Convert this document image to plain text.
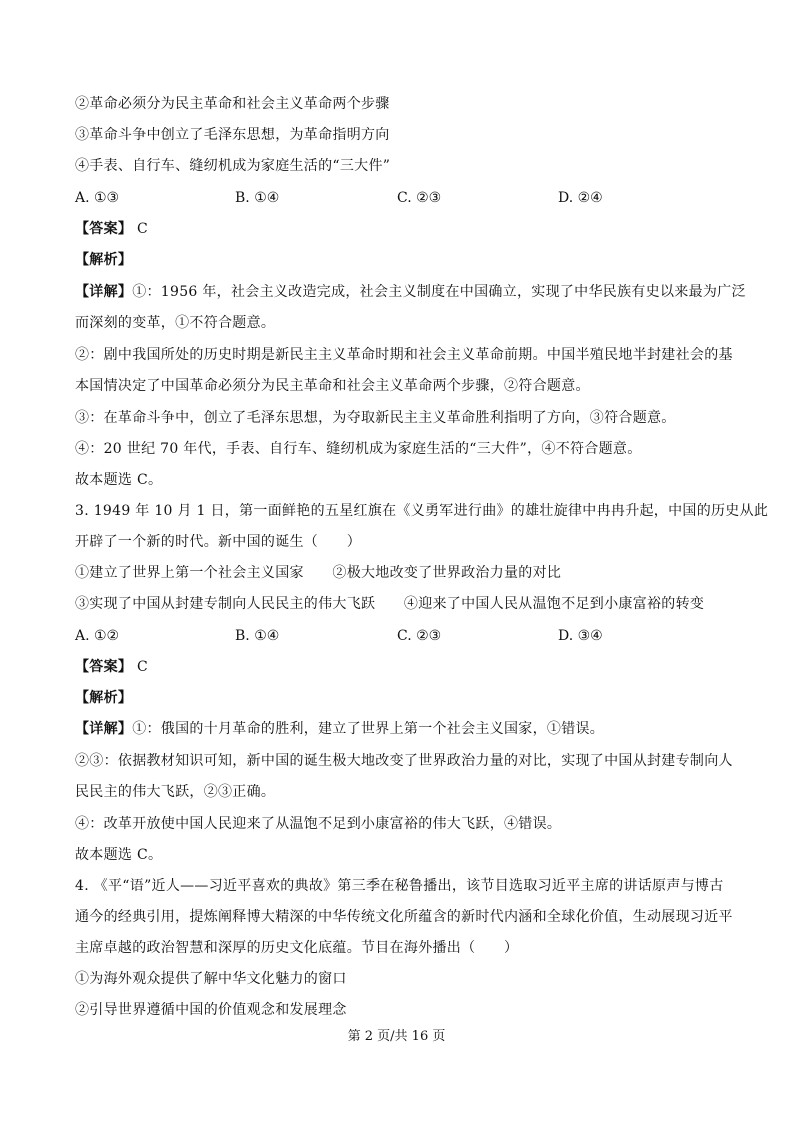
②革命必须分为民主革命和社会主义革命两个步骤
③革命斗争中创立了毛泽东思想，为革命指明方向
④手表、自行车、缝纫机成为家庭生活的“三大件”
A. ①③	B. ①④	C. ②③	D. ②④
【答案】 C
【解析】
【详解】①：1956 年，社会主义改造完成，社会主义制度在中国确立，实现了中华民族有史以来最为广泛
而深刻的变革，①不符合题意。
②：剧中我国所处的历史时期是新民主主义革命时期和社会主义革命前期。中国半殖民地半封建社会的基
本国情决定了中国革命必须分为民主革命和社会主义革命两个步骤，②符合题意。
③：在革命斗争中，创立了毛泽东思想，为夺取新民主主义革命胜利指明了方向，③符合题意。
④：20 世纪 70 年代，手表、自行车、缝纫机成为家庭生活的“三大件”，④不符合题意。
故本题选 C。
3. 1949 年 10 月 1 日，第一面鲜艳的五星红旗在《义勇军进行曲》的雄壮旋律中冉冉升起，中国的历史从此
开辟了一个新的时代。新中国的诞生（　　）
①建立了世界上第一个社会主义国家　　②极大地改变了世界政治力量的对比
③实现了中国从封建专制向人民民主的伟大飞跃　　④迎来了中国人民从温饱不足到小康富裕的转变
A. ①②	B. ①④	C. ②③	D. ③④
【答案】 C
【解析】
【详解】①：俄国的十月革命的胜利，建立了世界上第一个社会主义国家，①错误。
②③：依据教材知识可知，新中国的诞生极大地改变了世界政治力量的对比，实现了中国从封建专制向人
民民主的伟大飞跃，②③正确。
④：改革开放使中国人民迎来了从温饱不足到小康富裕的伟大飞跃，④错误。
故本题选 C。
4. 《平“语”近人——习近平喜欢的典故》第三季在秘鲁播出，该节目选取习近平主席的讲话原声与博古
通今的经典引用，提炼阐释博大精深的中华传统文化所蕴含的新时代内涵和全球化价值，生动展现习近平
主席卓越的政治智慧和深厚的历史文化底蕴。节目在海外播出（　　）
①为海外观众提供了解中华文化魅力的窗口
②引导世界遵循中国的价值观念和发展理念
第 2 页/共 16 页
